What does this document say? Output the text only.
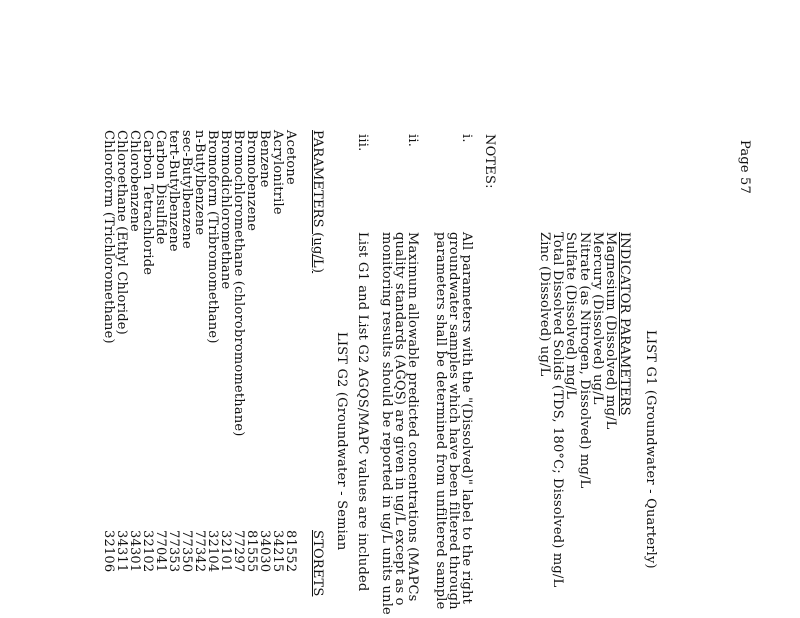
Page 57
LIST G1 (Groundwater - Quarterly)
INDICATOR PARAMETERS
Magnesium (Dissolved) mg/L
Mercury (Dissolved) ug/L
Nitrate (as Nitrogen, Dissolved) mg/L
Sulfate (Dissolved) mg/L
Total Dissolved Solids (TDS, 180°C; Dissolved) mg/L
Zinc (Dissolved) ug/L
NOTES:
i.
All parameters with the "(Dissolved)" label to the right
groundwater samples which have been filtered through
parameters shall be determined from unfiltered sample
ii.
Maximum allowable predicted concentrations (MAPCs
quality standards (AGQS) are given in ug/L except as o
monitoring results should be reported in ug/L units unle
iii.
List G1 and List G2 AGQS/MAPC values are included
LIST G2 (Groundwater - Semian
PARAMETERS (ug/L)
STORETS
Acetone
81552
Acrylonitrile
34215
Benzene
34030
Bromobenzene
81555
Bromochloromethane (chlorobromomethane)
77297
Bromodichloromethane
32101
Bromoform (Tribromomethane)
32104
n-Butylbenzene
77342
sec-Butylbenzene
77350
tert-Butylbenzene
77353
Carbon Disulfide
77041
Carbon Tetrachloride
32102
Chlorobenzene
34301
Chloroethane (Ethyl Chloride)
34311
Chloroform (Trichloromethane)
32106
